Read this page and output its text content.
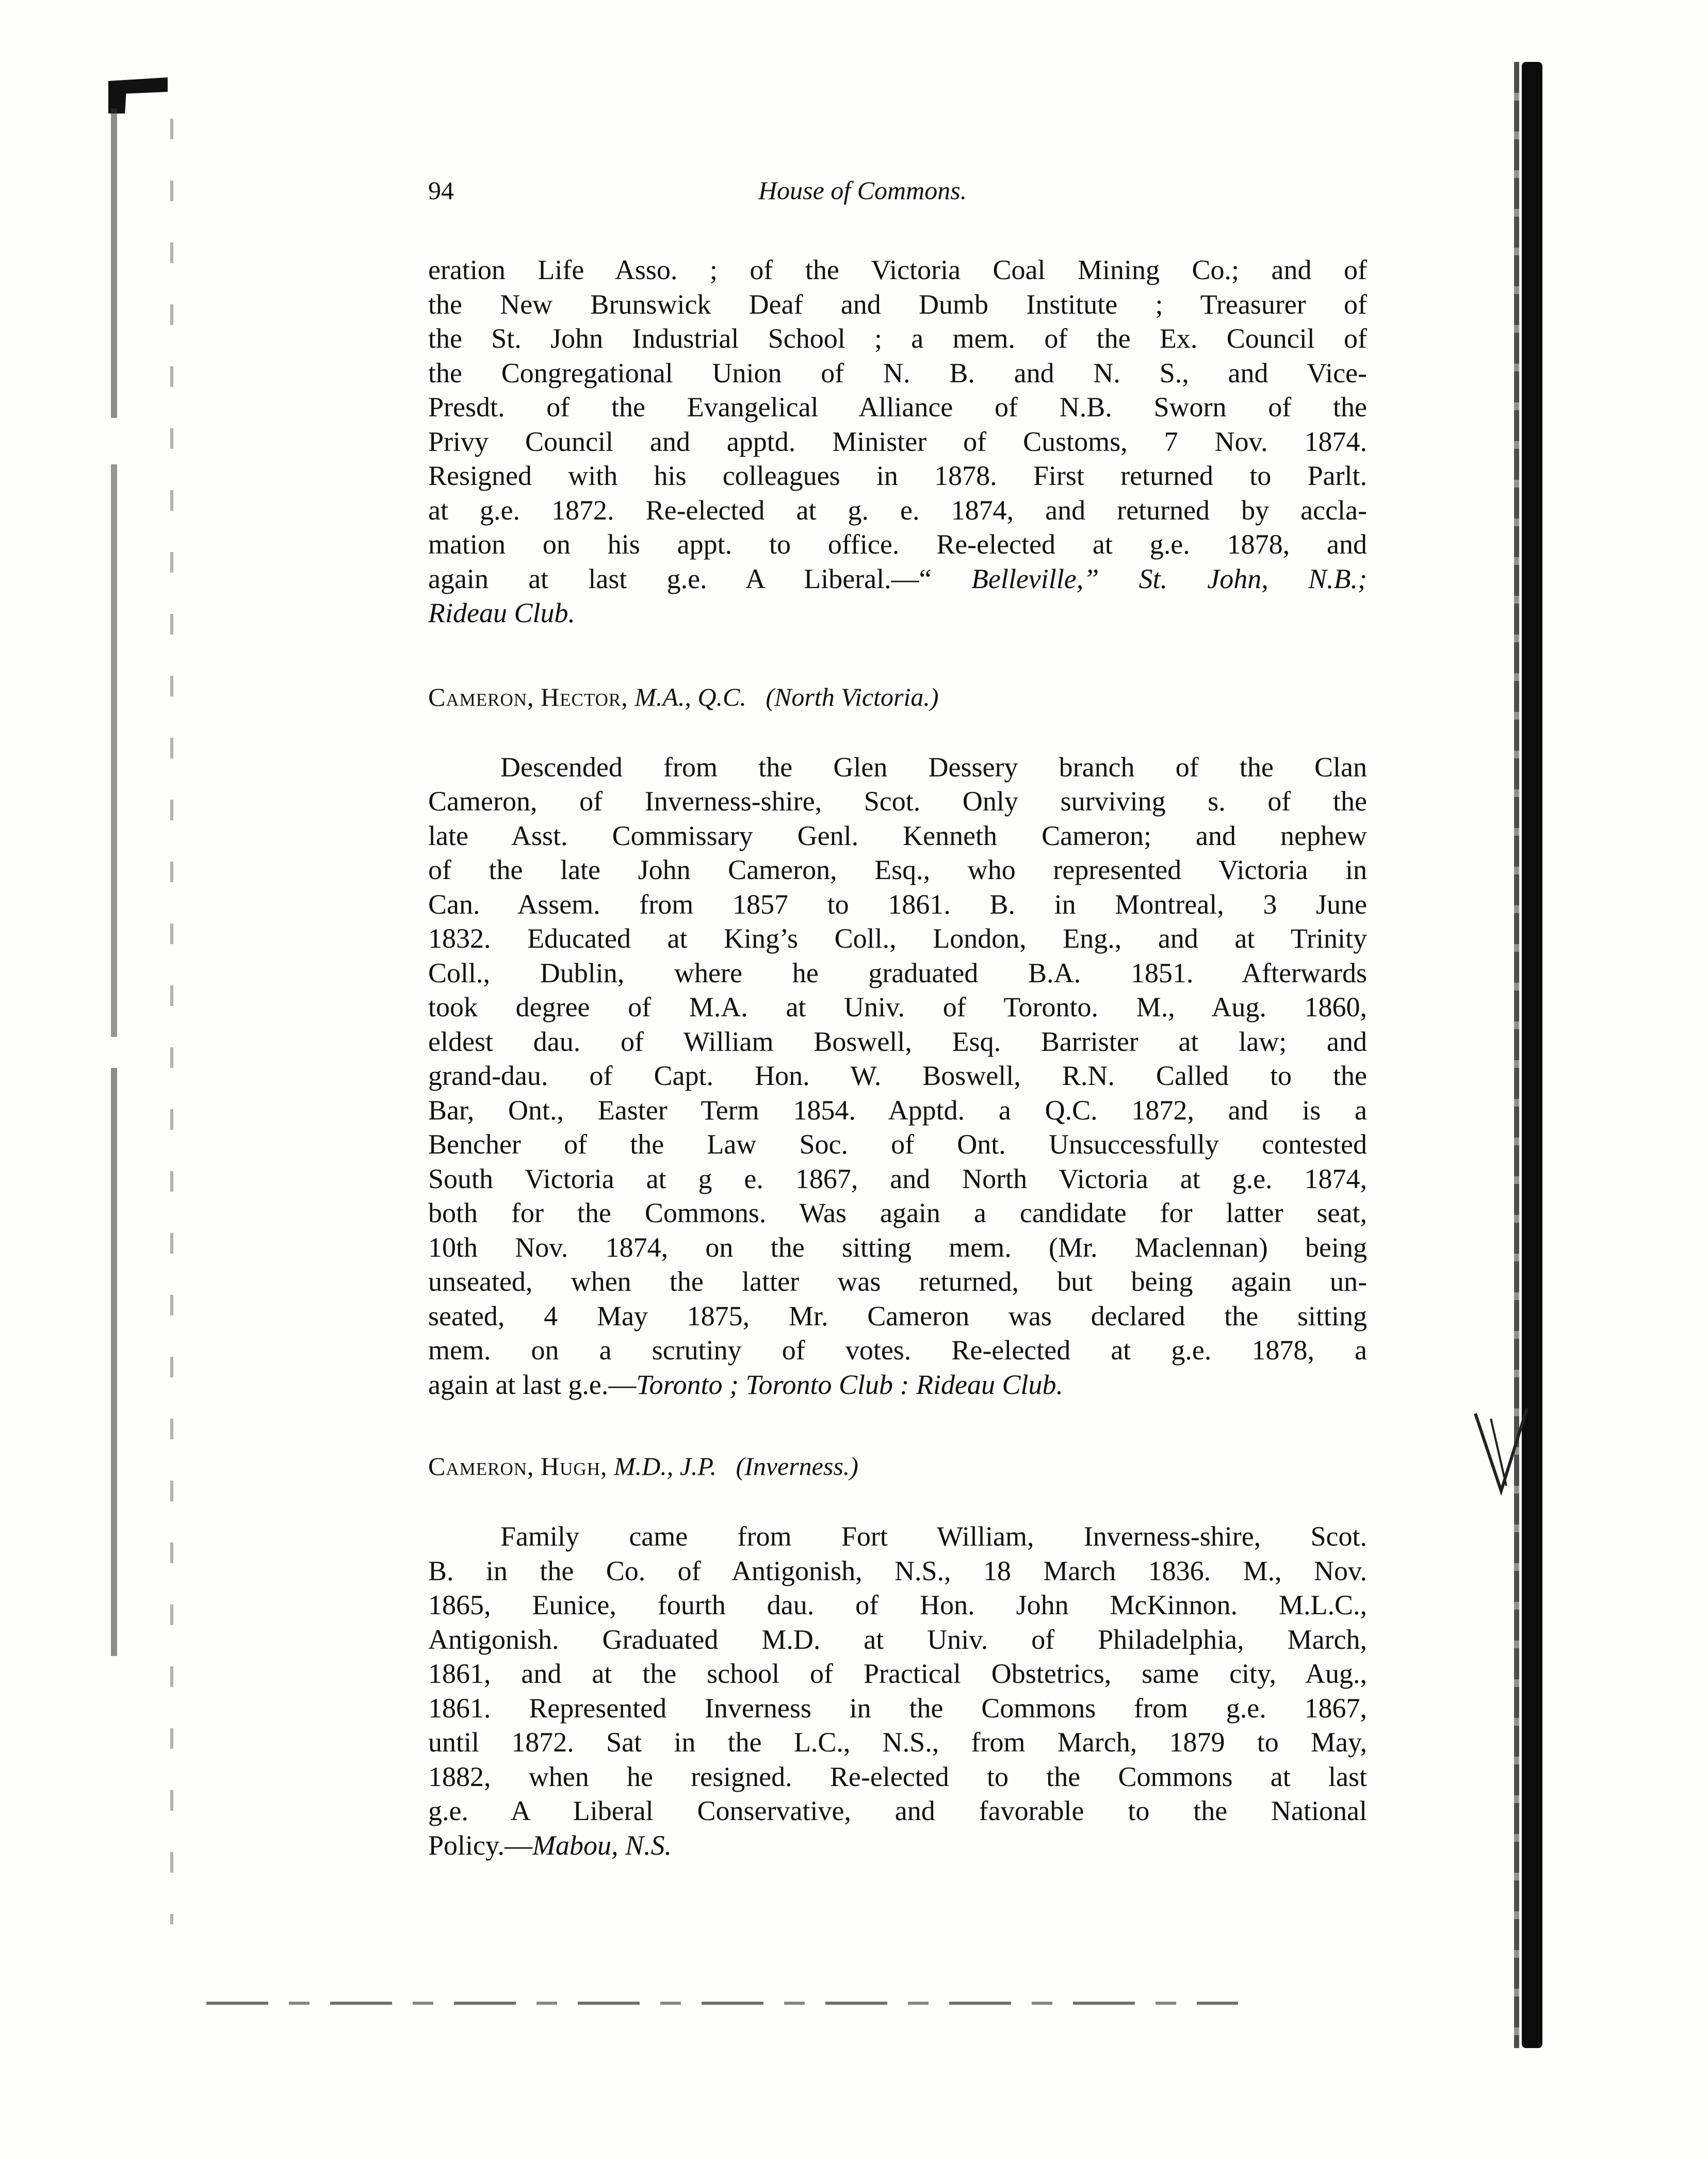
94	House of Commons.
eration Life Asso. ; of the Victoria Coal Mining Co.; and of
the New Brunswick Deaf and Dumb Institute ; Treasurer of
the St. John Industrial School ; a mem. of the Ex. Council of
the Congregational Union of N. B. and N. S., and Vice-
Presdt. of the Evangelical Alliance of N.B. Sworn of the
Privy Council and apptd. Minister of Customs, 7 Nov. 1874.
Resigned with his colleagues in 1878. First returned to Parlt.
at g.e. 1872. Re-elected at g. e. 1874, and returned by accla-
mation on his appt. to office. Re-elected at g.e. 1878, and
again at last g.e. A Liberal.—“ Belleville,” St. John, N.B.;
Rideau Club.
Cameron, Hector, M.A., Q.C. (North Victoria.)
Descended from the Glen Dessery branch of the Clan
Cameron, of Inverness-shire, Scot. Only surviving s. of the
late Asst. Commissary Genl. Kenneth Cameron; and nephew
of the late John Cameron, Esq., who represented Victoria in
Can. Assem. from 1857 to 1861. B. in Montreal, 3 June
1832. Educated at King’s Coll., London, Eng., and at Trinity
Coll., Dublin, where he graduated B.A. 1851. Afterwards
took degree of M.A. at Univ. of Toronto. M., Aug. 1860,
eldest dau. of William Boswell, Esq. Barrister at law; and
grand-dau. of Capt. Hon. W. Boswell, R.N. Called to the
Bar, Ont., Easter Term 1854. Apptd. a Q.C. 1872, and is a
Bencher of the Law Soc. of Ont. Unsuccessfully contested
South Victoria at g e. 1867, and North Victoria at g.e. 1874,
both for the Commons. Was again a candidate for latter seat,
10th Nov. 1874, on the sitting mem. (Mr. Maclennan) being
unseated, when the latter was returned, but being again un-
seated, 4 May 1875, Mr. Cameron was declared the sitting
mem. on a scrutiny of votes. Re-elected at g.e. 1878, a
again at last g.e.—Toronto ; Toronto Club : Rideau Club.
Cameron, Hugh, M.D., J.P. (Inverness.)
Family came from Fort William, Inverness-shire, Scot.
B. in the Co. of Antigonish, N.S., 18 March 1836. M., Nov.
1865, Eunice, fourth dau. of Hon. John McKinnon. M.L.C.,
Antigonish. Graduated M.D. at Univ. of Philadelphia, March,
1861, and at the school of Practical Obstetrics, same city, Aug.,
1861. Represented Inverness in the Commons from g.e. 1867,
until 1872. Sat in the L.C., N.S., from March, 1879 to May,
1882, when he resigned. Re-elected to the Commons at last
g.e. A Liberal Conservative, and favorable to the National
Policy.—Mabou, N.S.
